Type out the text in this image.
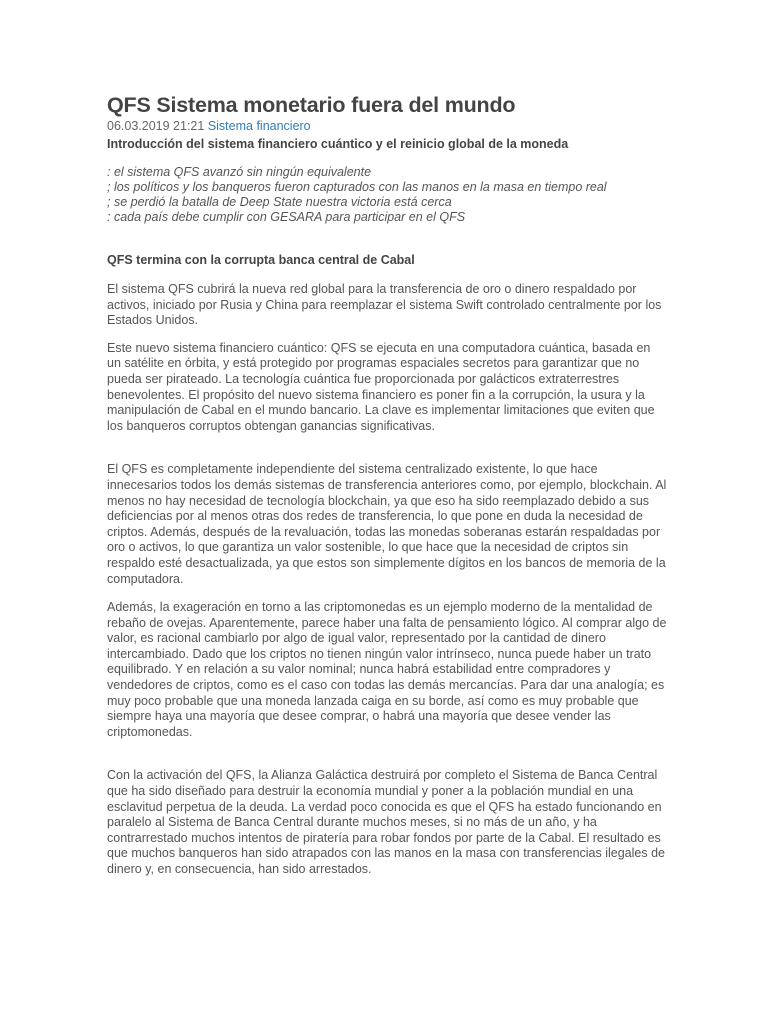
QFS Sistema monetario fuera del mundo
06.03.2019 21:21 Sistema financiero
Introducción del sistema financiero cuántico y el reinicio global de la moneda
: el sistema QFS avanzó sin ningún equivalente
; los políticos y los banqueros fueron capturados con las manos en la masa en tiempo real
; se perdió la batalla de Deep State nuestra victoria está cerca
: cada país debe cumplir con GESARA para participar en el QFS
QFS termina con la corrupta banca central de Cabal

El sistema QFS cubrirá la nueva red global para la transferencia de oro o dinero respaldado por activos, iniciado por Rusia y China para reemplazar el sistema Swift controlado centralmente por los Estados Unidos.

Este nuevo sistema financiero cuántico: QFS se ejecuta en una computadora cuántica, basada en un satélite en órbita, y está protegido por programas espaciales secretos para garantizar que no pueda ser pirateado. La tecnología cuántica fue proporcionada por galácticos extraterrestres benevolentes. El propósito del nuevo sistema financiero es poner fin a la corrupción, la usura y la manipulación de Cabal en el mundo bancario. La clave es implementar limitaciones que eviten que los banqueros corruptos obtengan ganancias significativas.

El QFS es completamente independiente del sistema centralizado existente, lo que hace innecesarios todos los demás sistemas de transferencia anteriores como, por ejemplo, blockchain. Al menos no hay necesidad de tecnología blockchain, ya que eso ha sido reemplazado debido a sus deficiencias por al menos otras dos redes de transferencia, lo que pone en duda la necesidad de criptos. Además, después de la revaluación, todas las monedas soberanas estarán respaldadas por oro o activos, lo que garantiza un valor sostenible, lo que hace que la necesidad de criptos sin respaldo esté desactualizada, ya que estos son simplemente dígitos en los bancos de memoria de la computadora.

Además, la exageración en torno a las criptomonedas es un ejemplo moderno de la mentalidad de rebaño de ovejas. Aparentemente, parece haber una falta de pensamiento lógico. Al comprar algo de valor, es racional cambiarlo por algo de igual valor, representado por la cantidad de dinero intercambiado. Dado que los criptos no tienen ningún valor intrínseco, nunca puede haber un trato equilibrado. Y en relación a su valor nominal; nunca habrá estabilidad entre compradores y vendedores de criptos, como es el caso con todas las demás mercancías. Para dar una analogía; es muy poco probable que una moneda lanzada caiga en su borde, así como es muy probable que siempre haya una mayoría que desee comprar, o habrá una mayoría que desee vender las criptomonedas.

Con la activación del QFS, la Alianza Galáctica destruirá por completo el Sistema de Banca Central que ha sido diseñado para destruir la economía mundial y poner a la población mundial en una esclavitud perpetua de la deuda. La verdad poco conocida es que el QFS ha estado funcionando en paralelo al Sistema de Banca Central durante muchos meses, si no más de un año, y ha contrarrestado muchos intentos de piratería para robar fondos por parte de la Cabal. El resultado es que muchos banqueros han sido atrapados con las manos en la masa con transferencias ilegales de dinero y, en consecuencia, han sido arrestados.
